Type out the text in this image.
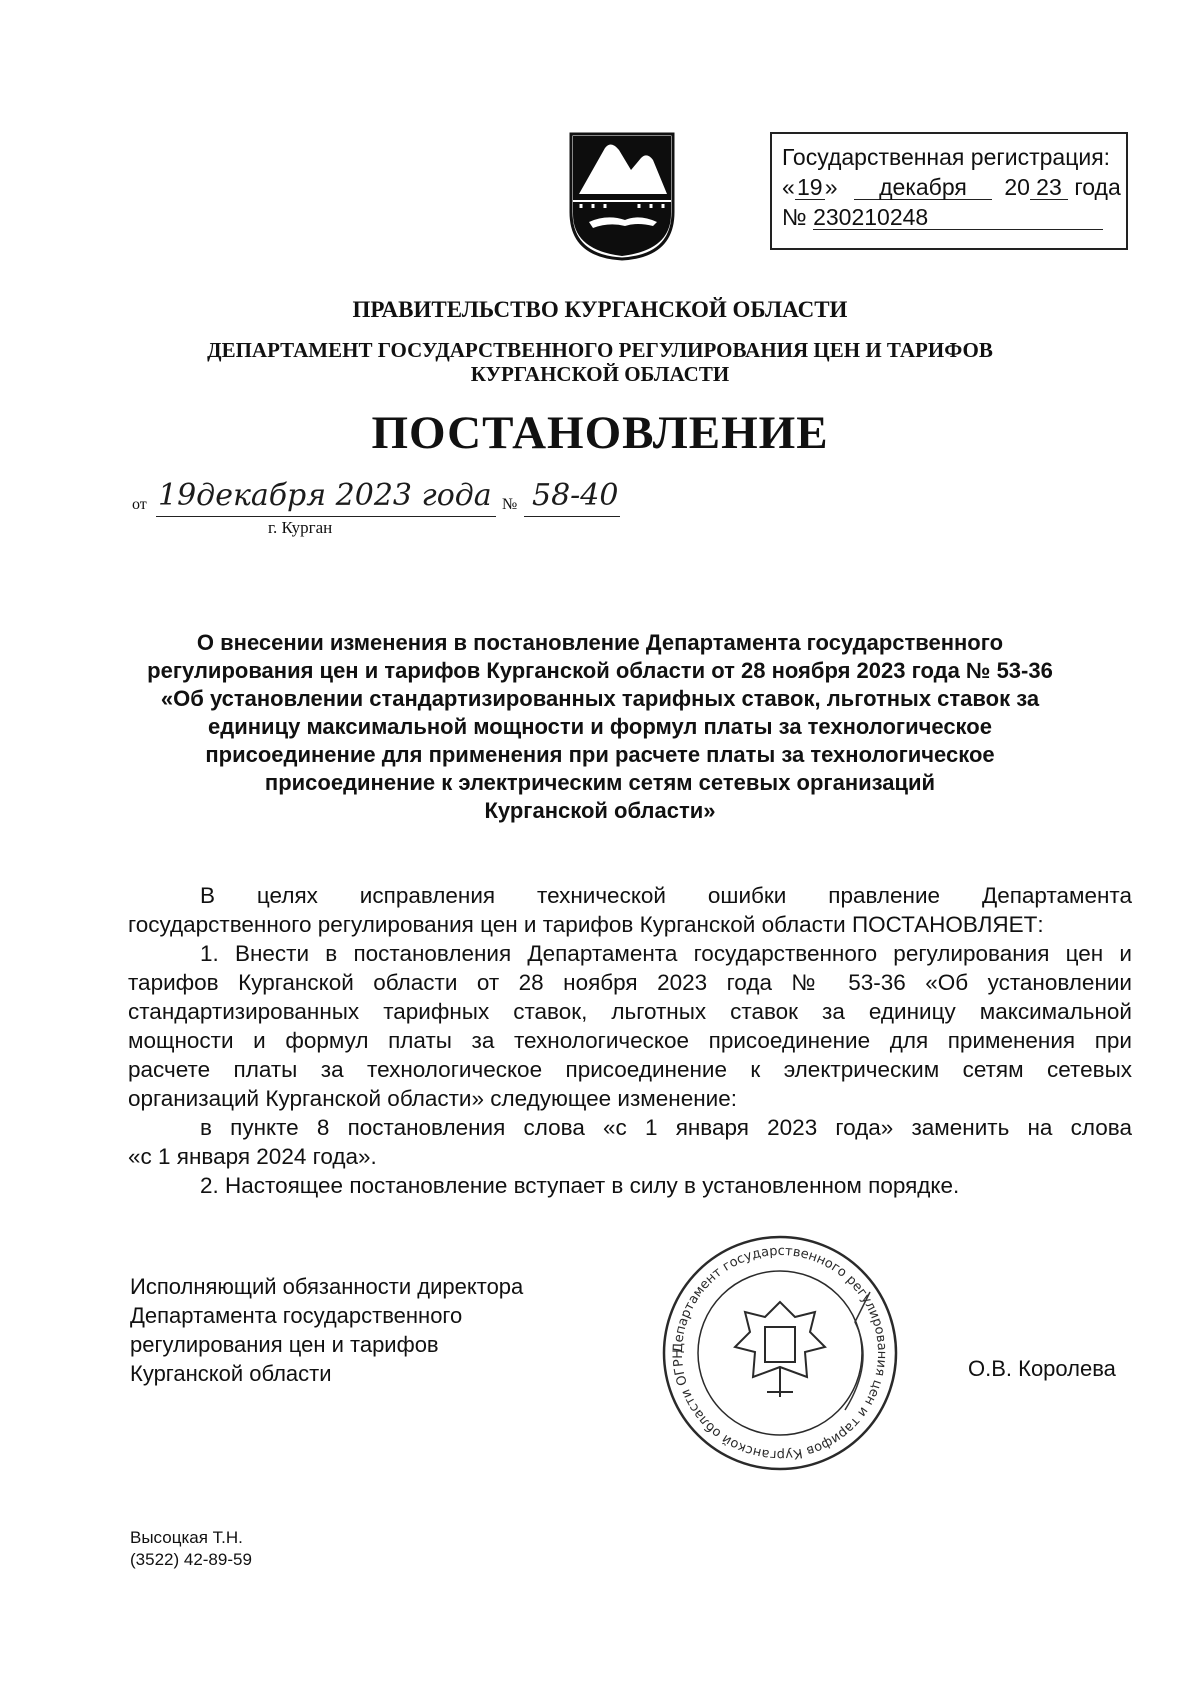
Государственная регистрация:
«19» декабря 20 23 года
№ 230210248
ПРАВИТЕЛЬСТВО КУРГАНСКОЙ ОБЛАСТИ
ДЕПАРТАМЕНТ ГОСУДАРСТВЕННОГО РЕГУЛИРОВАНИЯ ЦЕН И ТАРИФОВ
КУРГАНСКОЙ ОБЛАСТИ
ПОСТАНОВЛЕНИЕ
от 19декабря 2023 года № 58-40
г. Курган
О внесении изменения в постановление Департамента государственного
регулирования цен и тарифов Курганской области от 28 ноября 2023 года № 53-36
«Об установлении стандартизированных тарифных ставок, льготных ставок за
единицу максимальной мощности и формул платы за технологическое
присоединение для применения при расчете платы за технологическое
присоединение к электрическим сетям сетевых организаций
Курганской области»
В целях исправления технической ошибки правление Департамента
государственного регулирования цен и тарифов Курганской области ПОСТАНОВЛЯЕТ:
1. Внести в постановления Департамента государственного регулирования цен и
тарифов Курганской области от 28 ноября 2023 года № 53-36 «Об установлении
стандартизированных тарифных ставок, льготных ставок за единицу максимальной
мощности и формул платы за технологическое присоединение для применения при
расчете платы за технологическое присоединение к электрическим сетям сетевых
организаций Курганской области» следующее изменение:
в пункте 8 постановления слова «с 1 января 2023 года» заменить на слова
«с 1 января 2024 года».
2. Настоящее постановление вступает в силу в установленном порядке.
Исполняющий обязанности директора
Департамента государственного
регулирования цен и тарифов
Курганской области
Департамент государственного регулирования цен и тарифов Курганской области ОГРН
О.В. Королева
Высоцкая Т.Н.
(3522) 42-89-59
